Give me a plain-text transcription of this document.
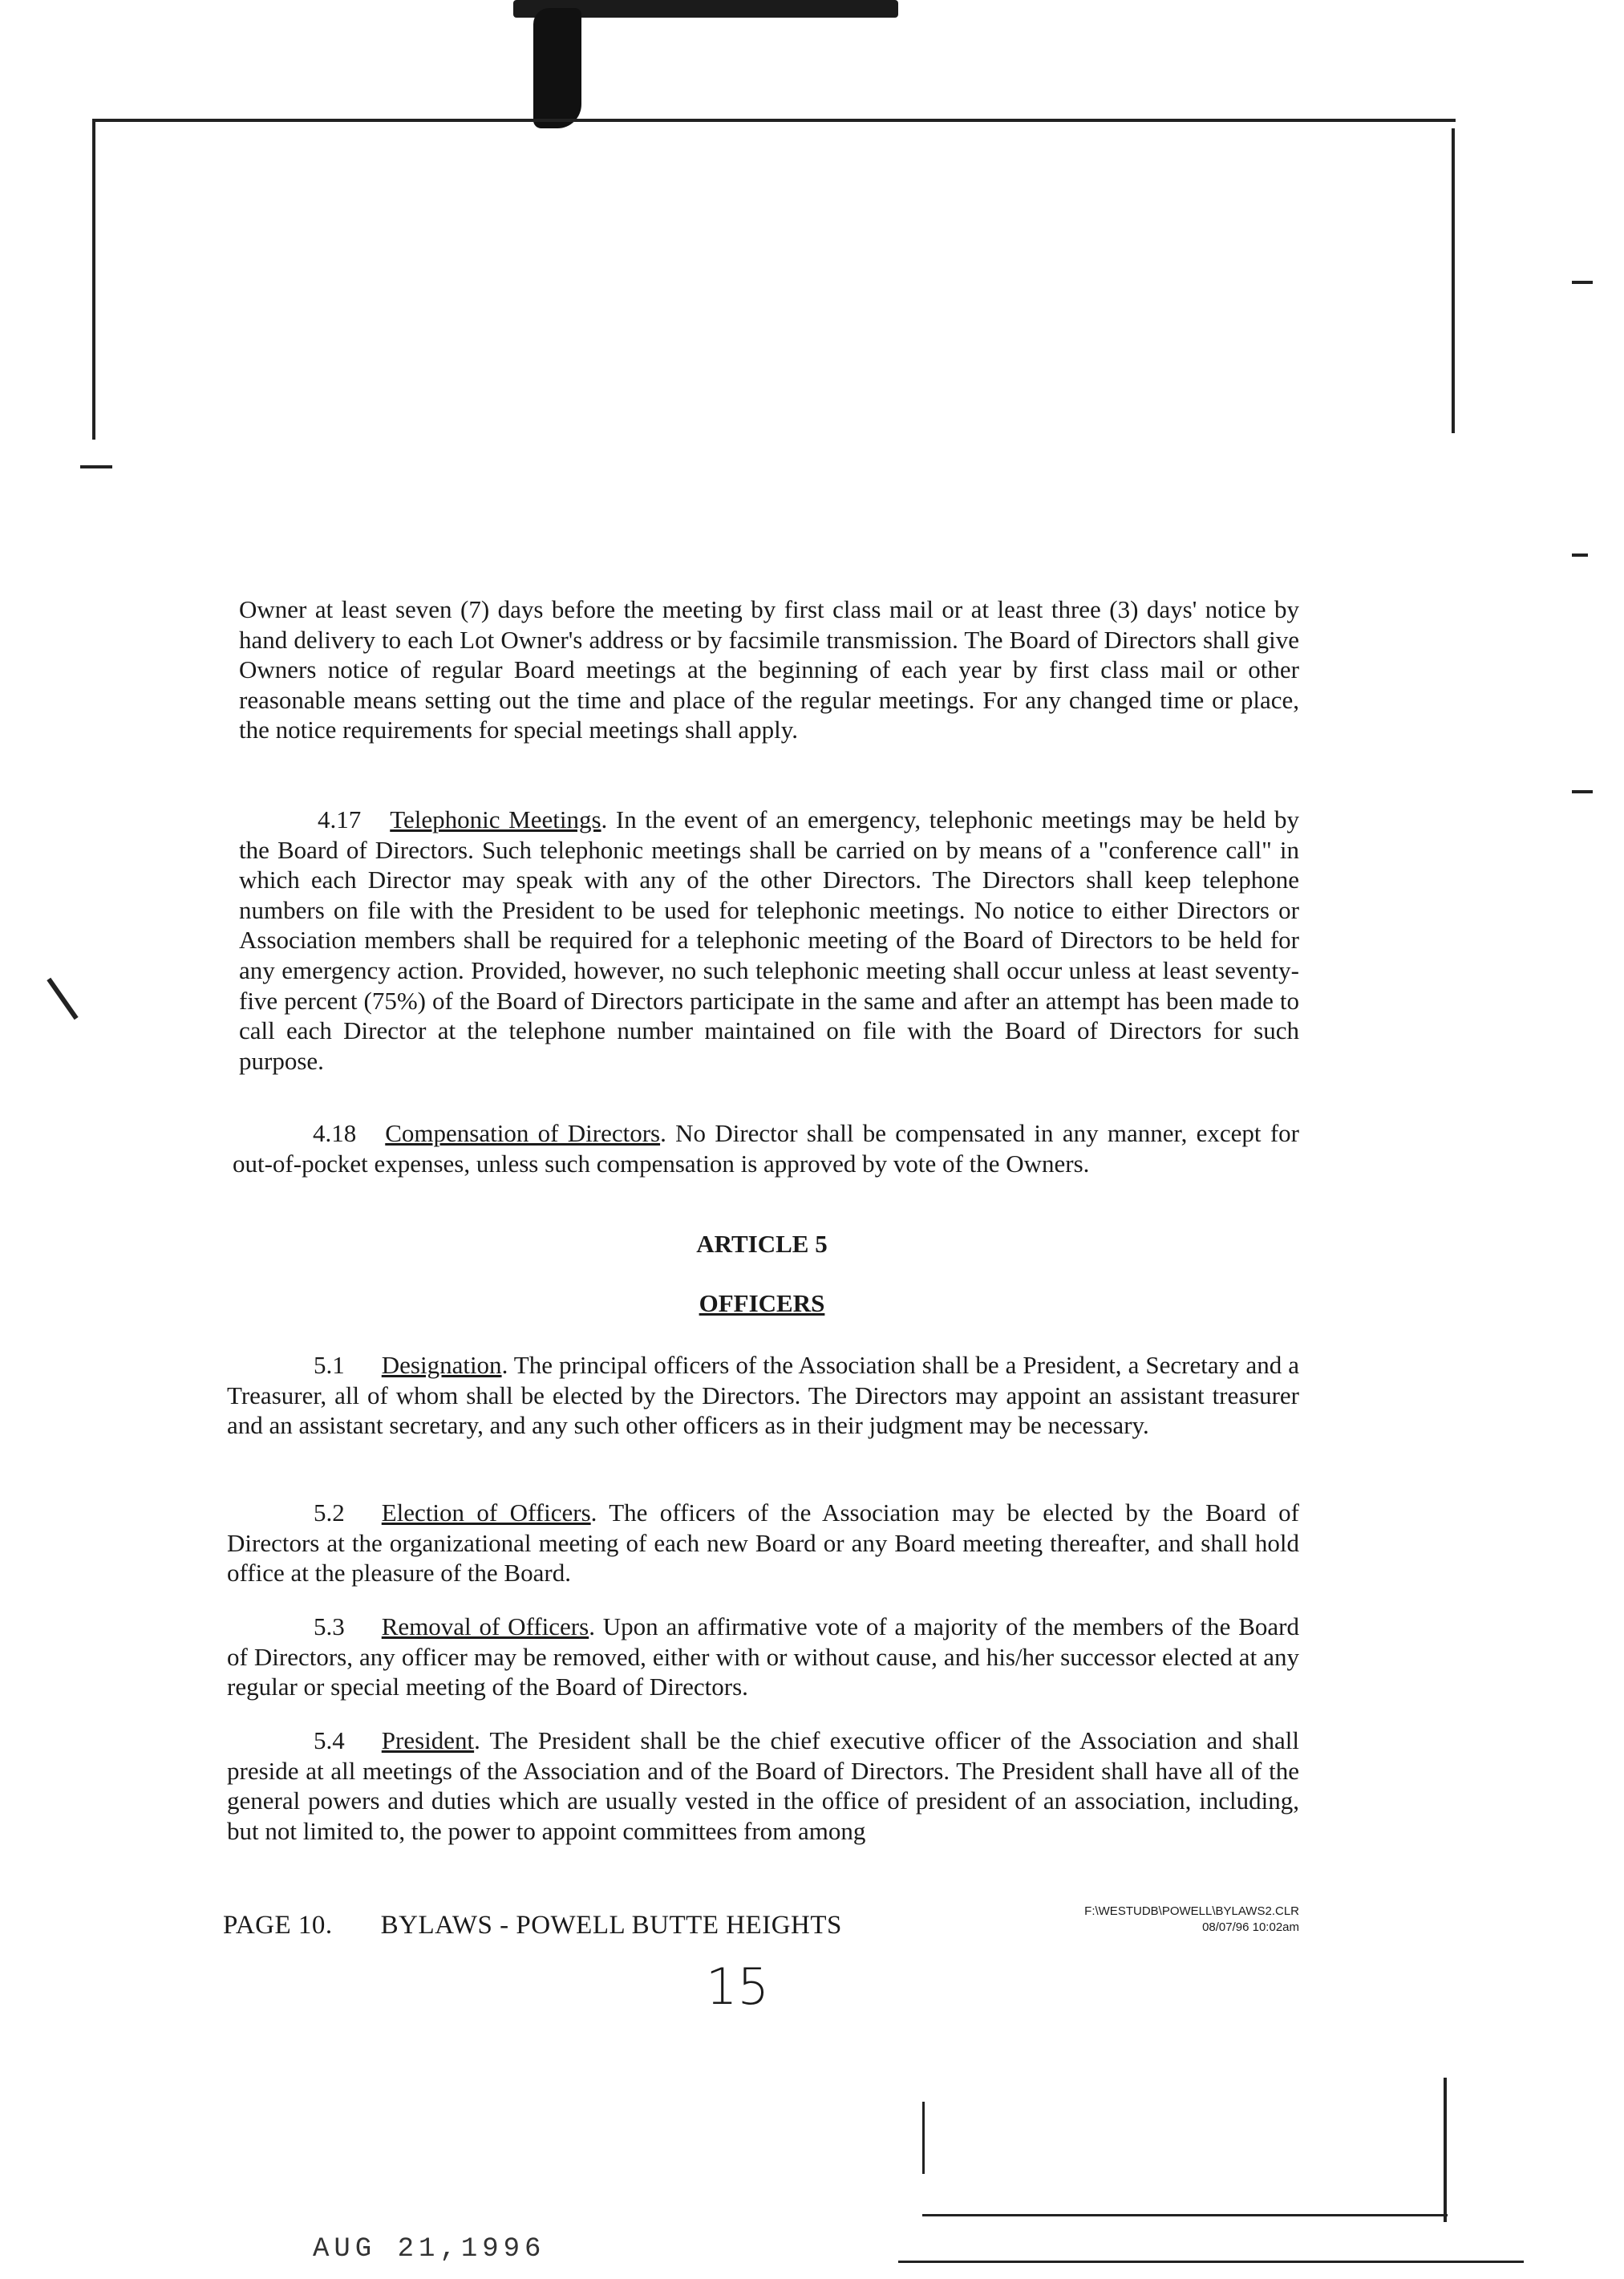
Owner at least seven (7) days before the meeting by first class mail or at least three (3) days' notice by hand delivery to each Lot Owner's address or by facsimile transmission. The Board of Directors shall give Owners notice of regular Board meetings at the beginning of each year by first class mail or other reasonable means setting out the time and place of the regular meetings. For any changed time or place, the notice requirements for special meetings shall apply.
4.17 Telephonic Meetings. In the event of an emergency, telephonic meetings may be held by the Board of Directors. Such telephonic meetings shall be carried on by means of a "conference call" in which each Director may speak with any of the other Directors. The Directors shall keep telephone numbers on file with the President to be used for telephonic meetings. No notice to either Directors or Association members shall be required for a telephonic meeting of the Board of Directors to be held for any emergency action. Provided, however, no such telephonic meeting shall occur unless at least seventy-five percent (75%) of the Board of Directors participate in the same and after an attempt has been made to call each Director at the telephone number maintained on file with the Board of Directors for such purpose.
4.18 Compensation of Directors. No Director shall be compensated in any manner, except for out-of-pocket expenses, unless such compensation is approved by vote of the Owners.
ARTICLE 5
OFFICERS
5.1 Designation. The principal officers of the Association shall be a President, a Secretary and a Treasurer, all of whom shall be elected by the Directors. The Directors may appoint an assistant treasurer and an assistant secretary, and any such other officers as in their judgment may be necessary.
5.2 Election of Officers. The officers of the Association may be elected by the Board of Directors at the organizational meeting of each new Board or any Board meeting thereafter, and shall hold office at the pleasure of the Board.
5.3 Removal of Officers. Upon an affirmative vote of a majority of the members of the Board of Directors, any officer may be removed, either with or without cause, and his/her successor elected at any regular or special meeting of the Board of Directors.
5.4 President. The President shall be the chief executive officer of the Association and shall preside at all meetings of the Association and of the Board of Directors. The President shall have all of the general powers and duties which are usually vested in the office of president of an association, including, but not limited to, the power to appoint committees from among
PAGE 10. BYLAWS - POWELL BUTTE HEIGHTS	F:\WESTUDB\POWELL\BYLAWS2.CLR
08/07/96 10:02am
15
AUG 21,1996
